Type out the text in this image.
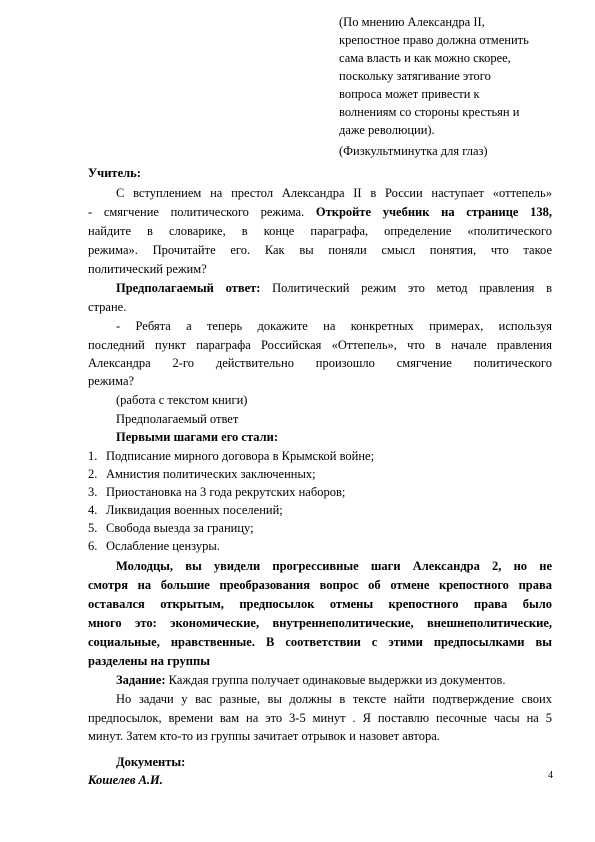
(По мнению Александра II,
крепостное право должна отменить
сама власть и как можно скорее,
поскольку затягивание этого
вопроса может привести к
волнениям со стороны крестьян и
даже революции).
(Физкультминутка для глаз)
Учитель:
С вступлением на престол Александра II в России наступает «оттепель»
- смягчение политического режима. Откройте учебник на странице 138,
найдите в словарике, в конце параграфа, определение «политического
режима». Прочитайте его. Как вы поняли смысл понятия, что такое
политический режим?
Предполагаемый ответ: Политический режим это метод правления в
стране.
- Ребята а теперь докажите на конкретных примерах, используя
последний пункт параграфа Российская «Оттепель», что в начале правления
Александра 2-го действительно произошло смягчение политического
режима?
(работа с текстом книги)
Предполагаемый ответ
Первыми шагами его стали:
1. Подписание мирного договора в Крымской войне;
2. Амнистия политических заключенных;
3. Приостановка на 3 года рекрутских наборов;
4. Ликвидация военных поселений;
5. Свобода выезда за границу;
6. Ослабление цензуры.
Молодцы, вы увидели прогрессивные шаги Александра 2, но не
смотря на большие преобразования вопрос об отмене крепостного права
оставался открытым, предпосылок отмены крепостного права было
много это: экономические, внутреннеполитические, внешнеполитические,
социальные, нравственные. В соответствии с этими предпосылками вы
разделены на группы
Задание: Каждая группа получает одинаковые выдержки из документов.
Но задачи у вас разные, вы должны в тексте найти подтверждение своих
предпосылок, времени вам на это 3-5 минут . Я поставлю песочные часы на 5
минут. Затем кто-то из группы зачитает отрывок и назовет автора.
Документы:
Кошелев А.И.	4
